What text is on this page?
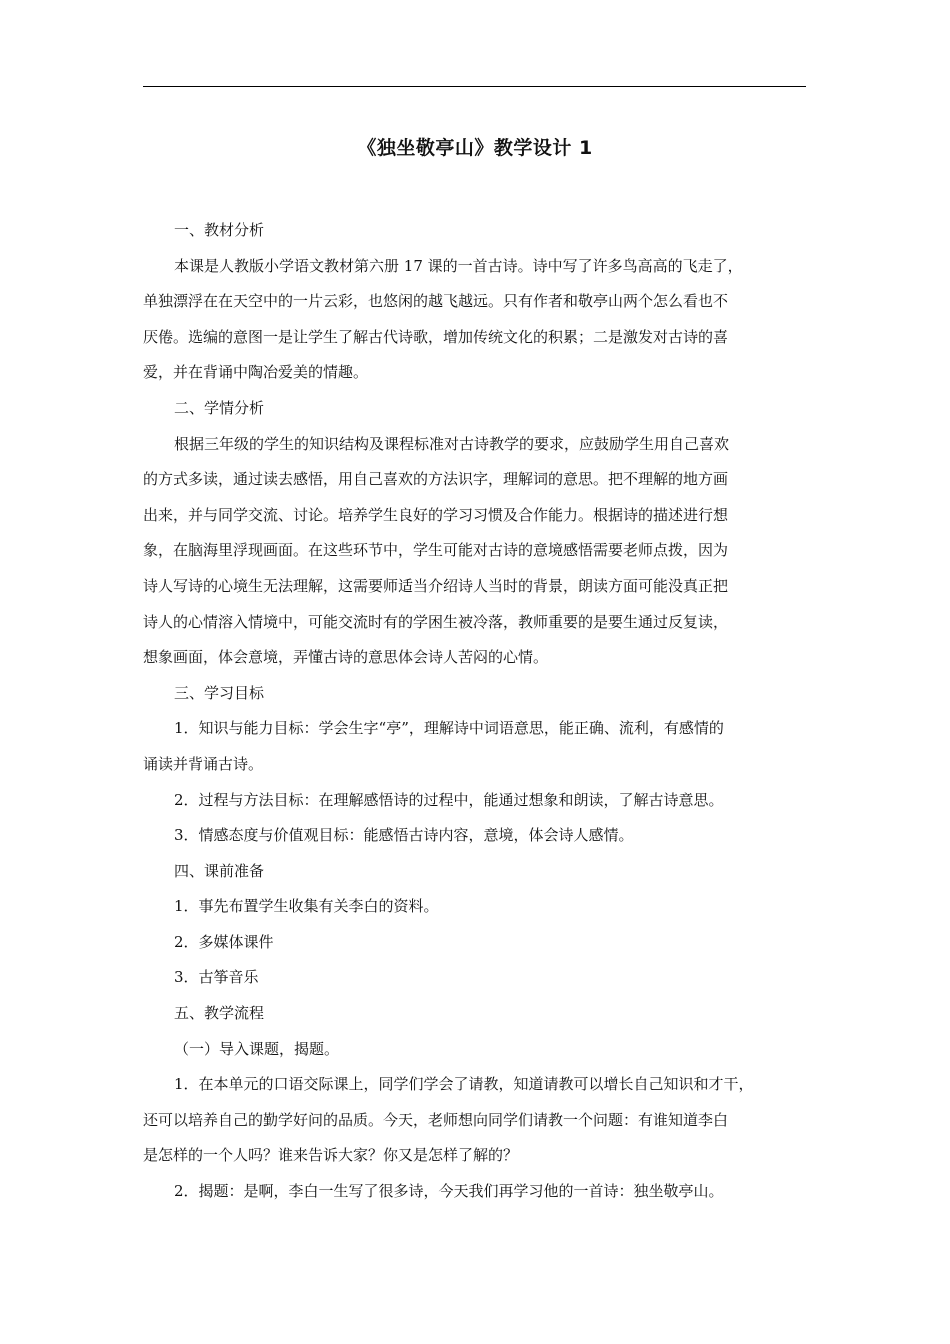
《独坐敬亭山》教学设计 1
一、教材分析
本课是人教版小学语文教材第六册 17 课的一首古诗。诗中写了许多鸟高高的飞走了，
单独漂浮在在天空中的一片云彩，也悠闲的越飞越远。只有作者和敬亭山两个怎么看也不
厌倦。选编的意图一是让学生了解古代诗歌，增加传统文化的积累；二是激发对古诗的喜
爱，并在背诵中陶冶爱美的情趣。
二、学情分析
根据三年级的学生的知识结构及课程标准对古诗教学的要求，应鼓励学生用自己喜欢
的方式多读，通过读去感悟，用自己喜欢的方法识字，理解词的意思。把不理解的地方画
出来，并与同学交流、讨论。培养学生良好的学习习惯及合作能力。根据诗的描述进行想
象，在脑海里浮现画面。在这些环节中，学生可能对古诗的意境感悟需要老师点拨，因为
诗人写诗的心境生无法理解，这需要师适当介绍诗人当时的背景，朗读方面可能没真正把
诗人的心情溶入情境中，可能交流时有的学困生被冷落，教师重要的是要生通过反复读，
想象画面，体会意境，弄懂古诗的意思体会诗人苦闷的心情。
三、学习目标
1．知识与能力目标：学会生字“亭”，理解诗中词语意思，能正确、流利，有感情的
诵读并背诵古诗。
2．过程与方法目标：在理解感悟诗的过程中，能通过想象和朗读，了解古诗意思。
3．情感态度与价值观目标：能感悟古诗内容，意境，体会诗人感情。
四、课前准备
1．事先布置学生收集有关李白的资料。
2．多媒体课件
3．古筝音乐
五、教学流程
（一）导入课题，揭题。
1．在本单元的口语交际课上，同学们学会了请教，知道请教可以增长自己知识和才干，
还可以培养自己的勤学好问的品质。今天，老师想向同学们请教一个问题：有谁知道李白
是怎样的一个人吗？谁来告诉大家？你又是怎样了解的？
2．揭题：是啊，李白一生写了很多诗，今天我们再学习他的一首诗：独坐敬亭山。
